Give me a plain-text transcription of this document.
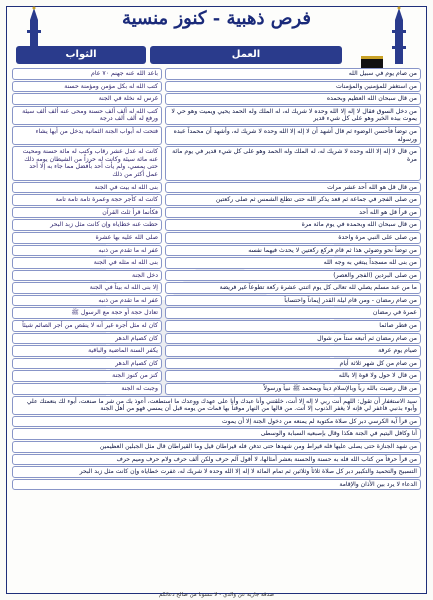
فرص ذهبية - كنوز منسية
العمل
الثواب
من صام يوم في سبيل الله
باعد الله عنه جهنم ٧٠ عام
من استغفر للمؤمنين والمؤمنات
كتب الله له بكل مؤمن ومؤمنة حسنة
من قال سبحان الله العظيم وبحمده
غرس له نخلة في الجنة
من دخل السوق فقال لا إله إلا الله وحده لا شريك له، له الملك وله الحمد يحيي ويميت وهو حي لا يموت بيده الخير وهو على كل شيء قدير
كتب الله له ألف ألف حسنة ومحى عنه ألف ألف سيئة ورفع له ألف ألف درجة
من توضأ فأحسن الوضوء ثم قال أشهد أن لا إله إلا الله وحده لا شريك له، وأشهد أن محمداً عبده ورسوله
فتحت له أبواب الجنة الثمانية يدخل من أيها يشاء
من قال لا إله إلا الله وحده لا شريك له، له الملك وله الحمد وهو على كل شيء قدير في يوم مائة مرة
كانت له عدل عشر رقاب وكتب له مائة حسنة ومحيت عنه مائة سيئة وكانت له حرزاً من الشيطان يومه ذلك حتى يمسي، ولم يأت أحد بأفضل مما جاء به إلا أحد عمل أكثر من ذلك
من قال قل هو الله أحد عشر مرات
بنى الله له بيت في الجنة
من صلى الفجر في جماعة ثم قعد يذكر الله حتى تطلع الشمس ثم صلى ركعتين
كانت له كأجر حجة وعمرة تامة تامة تامة
من قرأ قل هو الله أحد
فكأنما قرأ ثلث القرآن
من قال سبحان الله وبحمده في يوم مائة مرة
حطت عنه خطاياه وإن كانت مثل زبد البحر
من صلى على النبي مرة واحدة
صلى الله عليه بها عشرة
من توضأ نحو وضوئي هذا ثم قام فركع ركعتين لا يحدث فيهما نفسه
غفر له ما تقدم من ذنبه
من بنى لله مسجداً يبتغي به وجه الله
بنى الله له مثله في الجنة
من صلى البردين (الفجر والعصر)
دخل الجنة
ما من عبد مسلم يصلي لله تعالى كل يوم اثنتي عشرة ركعة تطوعاً غير فريضة
إلا بنى الله له بيتاً في الجنة
من صام رمضان - ومن قام ليلة القدر إيماناً واحتساباً
غفر له ما تقدم من ذنبه
عمرة في رمضان
تعادل حجة أو حجة مع الرسول ﷺ
من فطر صائما
كان له مثل أجره غير أنه لا ينقص من أجر الصائم شيئاً
من صام رمضان ثم أتبعه ستاً من شوال
كان كصيام الدهر
صيام يوم عرفة
يكفر السنة الماضية والباقية
من صام من كل شهر ثلاثة أيام
كان كصيام الدهر
من قال لا حول ولا قوة إلا بالله
كنز من كنوز الجنة
من قال رضيت بالله رباً وبالإسلام ديناً وبمحمد ﷺ نبياً ورسولاً
وجبت له الجنة
سيد الاستغفار أن تقول: اللهم أنت ربي لا إله إلا أنت، خلقتني وأنا عبدك وأنا على عهدك ووعدك ما استطعت، أعوذ بك من شر ما صنعت، أبوء لك بنعمتك علي وأبوء بذنبي فاغفر لي فإنه لا يغفر الذنوب إلا أنت. من قالها من النهار موقناً بها فمات من يومه قبل أن يمسي فهو من أهل الجنة
من قرأ آية الكرسي دبر كل صلاة مكتوبة لم يمنعه من دخول الجنة إلا أن يموت
أنا وكافل اليتيم في الجنة هكذا وقال بإصبعيه السبابة والوسطى
من شهد الجنازة حتى يصلى عليها فله قيراط ومن شهدها حتى تدفن فله قيراطان قيل وما القيراطان قال مثل الجبلين العظيمين
من قرأ حرفاً من كتاب الله فله به حسنة والحسنة بعشر أمثالها، لا أقول آلم حرف ولكن ألف حرف ولام حرف وميم حرف
التسبيح والتحميد والتكبير دبر كل صلاة ثلاثاً وثلاثين ثم تمام المائة لا إله إلا الله وحده لا شريك له، غفرت خطاياه وإن كانت مثل زبد البحر
الدعاء لا يرد بين الأذان والإقامة
صدقة جارية عن والدي - لا تنسونا من صالح دعائكم
